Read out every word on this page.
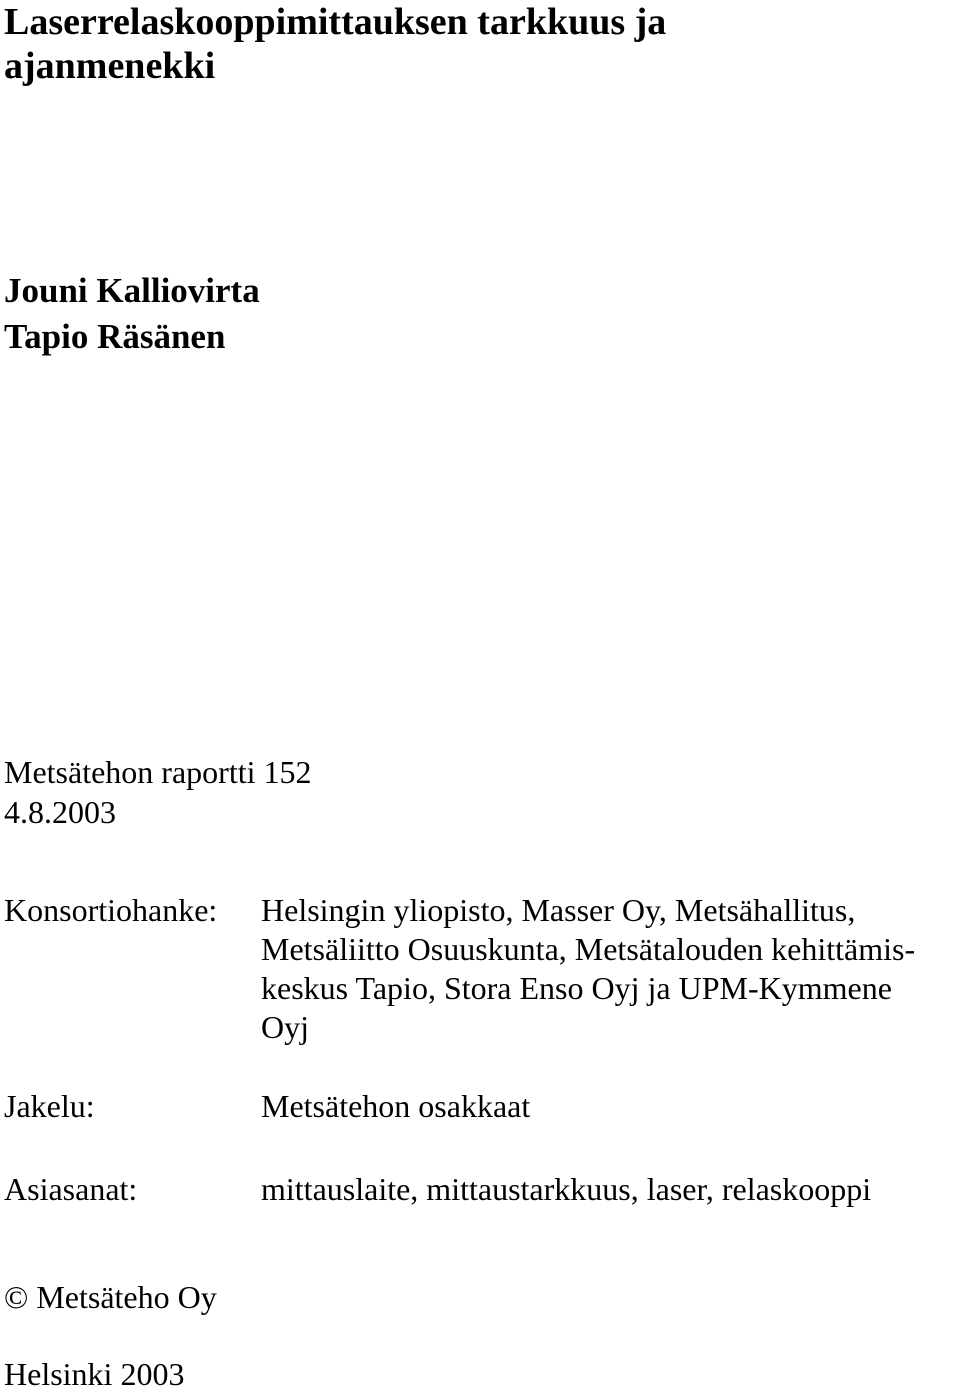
Laserrelaskooppimittauksen tarkkuus ja
ajanmenekki
Jouni Kalliovirta
Tapio Räsänen
Metsätehon raportti 152
4.8.2003
Konsortiohanke: Helsingin yliopisto, Masser Oy, Metsähallitus,
Metsäliitto Osuuskunta, Metsätalouden kehittämis-
keskus Tapio, Stora Enso Oyj ja UPM-Kymmene
Oyj
Jakelu:	Metsätehon osakkaat
Asiasanat:	mittauslaite, mittaustarkkuus, laser, relaskooppi
© Metsäteho Oy
Helsinki 2003
